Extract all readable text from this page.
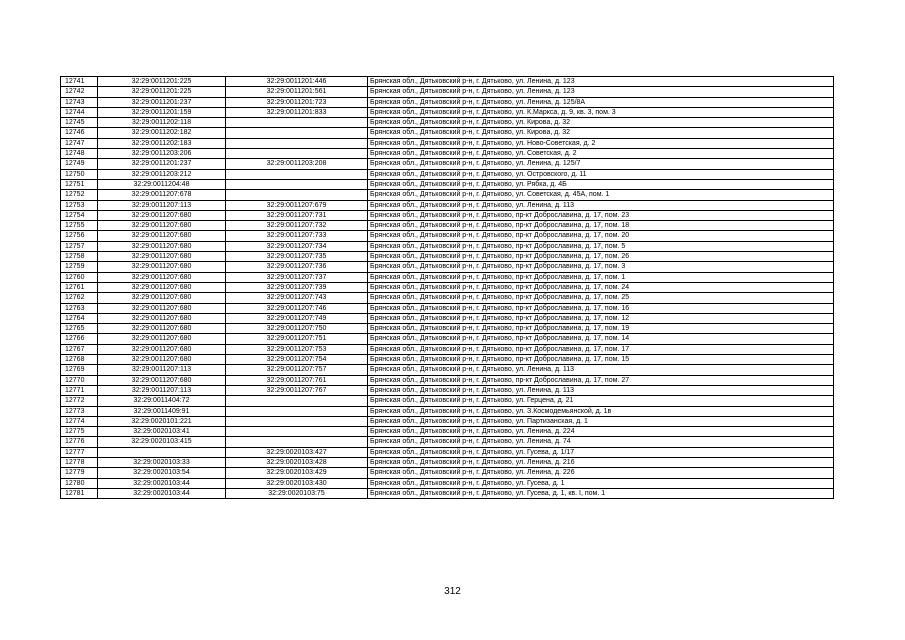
12741	32:29:0011201:225	32:29:0011201:446	Брянская обл., Дятьковский р-н, г. Дятьково, ул. Ленина, д. 123
12742	32:29:0011201:225	32:29:0011201:561	Брянская обл., Дятьковский р-н, г. Дятьково, ул. Ленина, д. 123
12743	32:29:0011201:237	32:29:0011201:723	Брянская обл., Дятьковский р-н, г. Дятьково, ул. Ленина, д. 125/8А
12744	32:29:0011201:159	32:29:0011201:833	Брянская обл., Дятьковский р-н, г. Дятьково, ул. К.Маркса, д. 9, кв. 3, пом. 3
12745	32:29:0011202:118		Брянская обл., Дятьковский р-н, г. Дятьково, ул. Кирова, д. 32
12746	32:29:0011202:182		Брянская обл., Дятьковский р-н, г. Дятьково, ул. Кирова, д. 32
12747	32:29:0011202:183		Брянская обл., Дятьковский р-н, г. Дятьково, ул. Ново-Советская, д. 2
12748	32:29:0011203:206		Брянская обл., Дятьковский р-н, г. Дятьково, ул. Советская, д. 2
12749	32:29:0011201:237	32:29:0011203:208	Брянская обл., Дятьковский р-н, г. Дятьково, ул. Ленина, д. 125/7
12750	32:29:0011203:212		Брянская обл., Дятьковский р-н, г. Дятьково, ул. Островского, д. 11
12751	32:29:0011204:48		Брянская обл., Дятьковский р-н, г. Дятьково, ул. Рябка, д. 4Б
12752	32:29:0011207:678		Брянская обл., Дятьковский р-н, г. Дятьково, ул. Советская, д. 45А, пом. 1
12753	32:29:0011207:113	32:29:0011207:679	Брянская обл., Дятьковский р-н, г. Дятьково, ул. Ленина, д. 113
12754	32:29:0011207:680	32:29:0011207:731	Брянская обл., Дятьковский р-н, г. Дятьково, пр-кт Доброславина, д. 17, пом. 23
12755	32:29:0011207:680	32:29:0011207:732	Брянская обл., Дятьковский р-н, г. Дятьково, пр-кт Доброславина, д. 17, пом. 18
12756	32:29:0011207:680	32:29:0011207:733	Брянская обл., Дятьковский р-н, г. Дятьково, пр-кт Доброславина, д. 17, пом. 20
12757	32:29:0011207:680	32:29:0011207:734	Брянская обл., Дятьковский р-н, г. Дятьково, пр-кт Доброславина, д. 17, пом. 5
12758	32:29:0011207:680	32:29:0011207:735	Брянская обл., Дятьковский р-н, г. Дятьково, пр-кт Доброславина, д. 17, пом. 26
12759	32:29:0011207:680	32:29:0011207:736	Брянская обл., Дятьковский р-н, г. Дятьково, пр-кт Доброславина, д. 17, пом. 3
12760	32:29:0011207:680	32:29:0011207:737	Брянская обл., Дятьковский р-н, г. Дятьково, пр-кт Доброславина, д. 17, пом. 1
12761	32:29:0011207:680	32:29:0011207:739	Брянская обл., Дятьковский р-н, г. Дятьково, пр-кт Доброславина, д. 17, пом. 24
12762	32:29:0011207:680	32:29:0011207:743	Брянская обл., Дятьковский р-н, г. Дятьково, пр-кт Доброславина, д. 17, пом. 25
12763	32:29:0011207:680	32:29:0011207:746	Брянская обл., Дятьковский р-н, г. Дятьково, пр-кт Доброславина, д. 17, пом. 16
12764	32:29:0011207:680	32:29:0011207:749	Брянская обл., Дятьковский р-н, г. Дятьково, пр-кт Доброславина, д. 17, пом. 12
12765	32:29:0011207:680	32:29:0011207:750	Брянская обл., Дятьковский р-н, г. Дятьково, пр-кт Доброславина, д. 17, пом. 19
12766	32:29:0011207:680	32:29:0011207:751	Брянская обл., Дятьковский р-н, г. Дятьково, пр-кт Доброславина, д. 17, пом. 14
12767	32:29:0011207:680	32:29:0011207:753	Брянская обл., Дятьковский р-н, г. Дятьково, пр-кт Доброславина, д. 17, пом. 17
12768	32:29:0011207:680	32:29:0011207:754	Брянская обл., Дятьковский р-н, г. Дятьково, пр-кт Доброславина, д. 17, пом. 15
12769	32:29:0011207:113	32:29:0011207:757	Брянская обл., Дятьковский р-н, г. Дятьково, ул. Ленина, д. 113
12770	32:29:0011207:680	32:29:0011207:761	Брянская обл., Дятьковский р-н, г. Дятьково, пр-кт Доброславина, д. 17, пом. 27
12771	32:29:0011207:113	32:29:0011207:767	Брянская обл., Дятьковский р-н, г. Дятьково, ул. Ленина, д. 113
12772	32:29:0011404:72		Брянская обл., Дятьковский р-н, г. Дятьково, ул. Герцена, д. 21
12773	32:29:0011409:91		Брянская обл., Дятьковский р-н, г. Дятьково, ул. З.Космодемьянской, д. 1в
12774	32:29:0020101:221		Брянская обл., Дятьковский р-н, г. Дятьково, ул. Партизанская, д. 1
12775	32:29:0020103:41		Брянская обл., Дятьковский р-н, г. Дятьково, ул. Ленина, д. 224
12776	32:29:0020103:415		Брянская обл., Дятьковский р-н, г. Дятьково, ул. Ленина, д. 74
12777		32:29:0020103:427	Брянская обл., Дятьковский р-н, г. Дятьково, ул. Гусева, д. 1/17
12778	32:29:0020103:33	32:29:0020103:428	Брянская обл., Дятьковский р-н, г. Дятьково, ул. Ленина, д. 216
12779	32:29:0020103:54	32:29:0020103:429	Брянская обл., Дятьковский р-н, г. Дятьково, ул. Ленина, д. 226
12780	32:29:0020103:44	32:29:0020103:430	Брянская обл., Дятьковский р-н, г. Дятьково, ул. Гусева, д. 1
12781	32:29:0020103:44	32:29:0020103:75	Брянская обл., Дятьковский р-н, г. Дятьково, ул. Гусева, д. 1, кв. I, пом. 1
312
